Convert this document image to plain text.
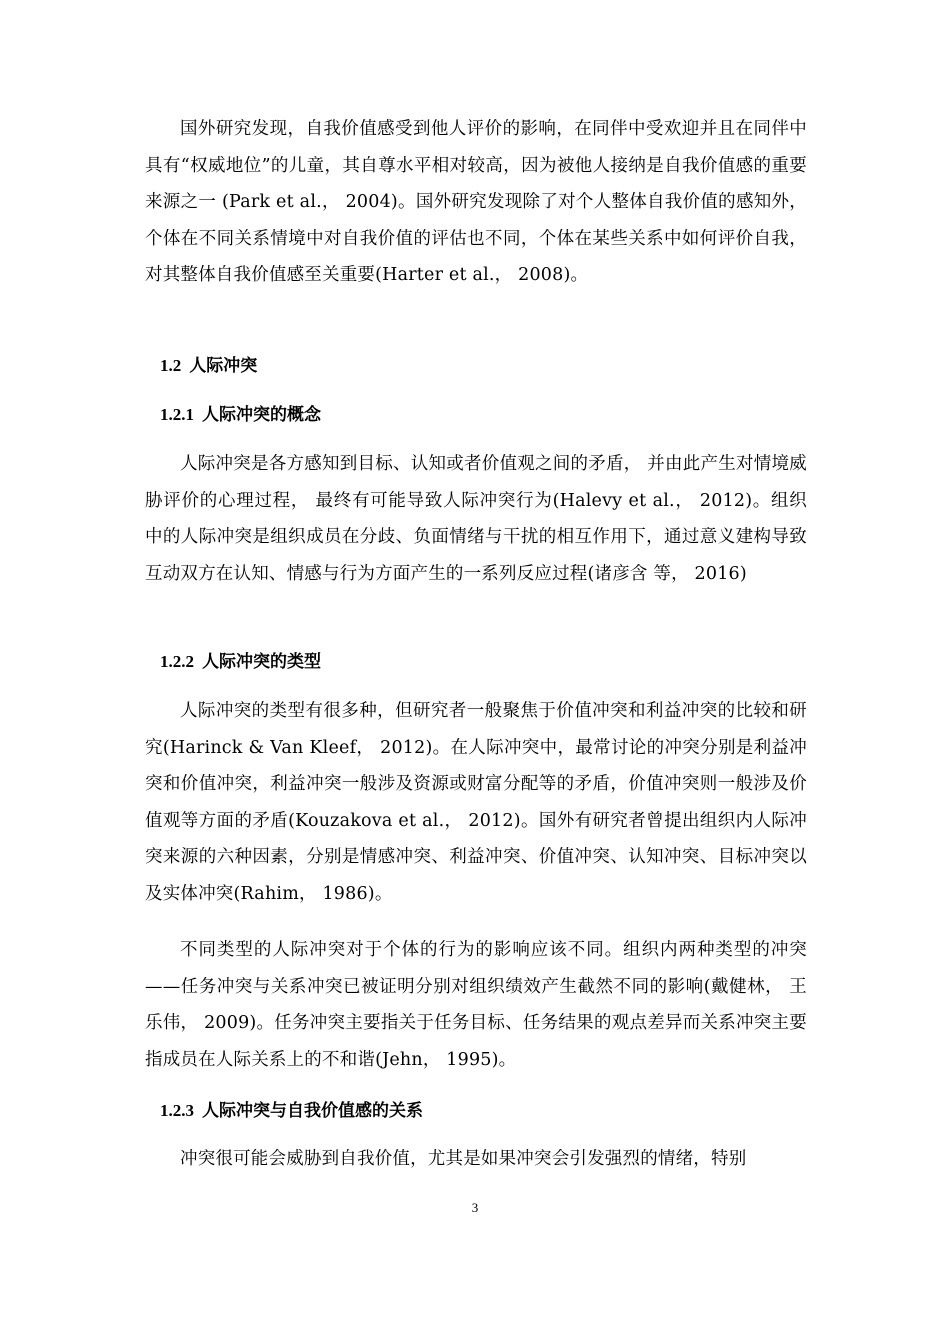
国外研究发现，自我价值感受到他人评价的影响，在同伴中受欢迎并且在同伴中具有“权威地位”的儿童，其自尊水平相对较高，因为被他人接纳是自我价值感的重要来源之一 (Park et al.， 2004)。国外研究发现除了对个人整体自我价值的感知外，个体在不同关系情境中对自我价值的评估也不同，个体在某些关系中如何评价自我，对其整体自我价值感至关重要(Harter et al.， 2008)。

1.2 人际冲突
1.2.1 人际冲突的概念

人际冲突是各方感知到目标、认知或者价值观之间的矛盾， 并由此产生对情境威胁评价的心理过程， 最终有可能导致人际冲突行为(Halevy et al.， 2012)。组织中的人际冲突是组织成员在分歧、负面情绪与干扰的相互作用下，通过意义建构导致互动双方在认知、情感与行为方面产生的一系列反应过程(诸彦含 等， 2016)

1.2.2 人际冲突的类型

人际冲突的类型有很多种，但研究者一般聚焦于价值冲突和利益冲突的比较和研究(Harinck & Van Kleef， 2012)。在人际冲突中，最常讨论的冲突分别是利益冲突和价值冲突，利益冲突一般涉及资源或财富分配等的矛盾，价值冲突则一般涉及价值观等方面的矛盾(Kouzakova et al.， 2012)。国外有研究者曾提出组织内人际冲突来源的六种因素，分别是情感冲突、利益冲突、价值冲突、认知冲突、目标冲突以及实体冲突(Rahim， 1986)。

不同类型的人际冲突对于个体的行为的影响应该不同。组织内两种类型的冲突——任务冲突与关系冲突已被证明分别对组织绩效产生截然不同的影响(戴健林， 王乐伟， 2009)。任务冲突主要指关于任务目标、任务结果的观点差异而关系冲突主要指成员在人际关系上的不和谐(Jehn， 1995)。

1.2.3 人际冲突与自我价值感的关系

冲突很可能会威胁到自我价值，尤其是如果冲突会引发强烈的情绪，特别

3
